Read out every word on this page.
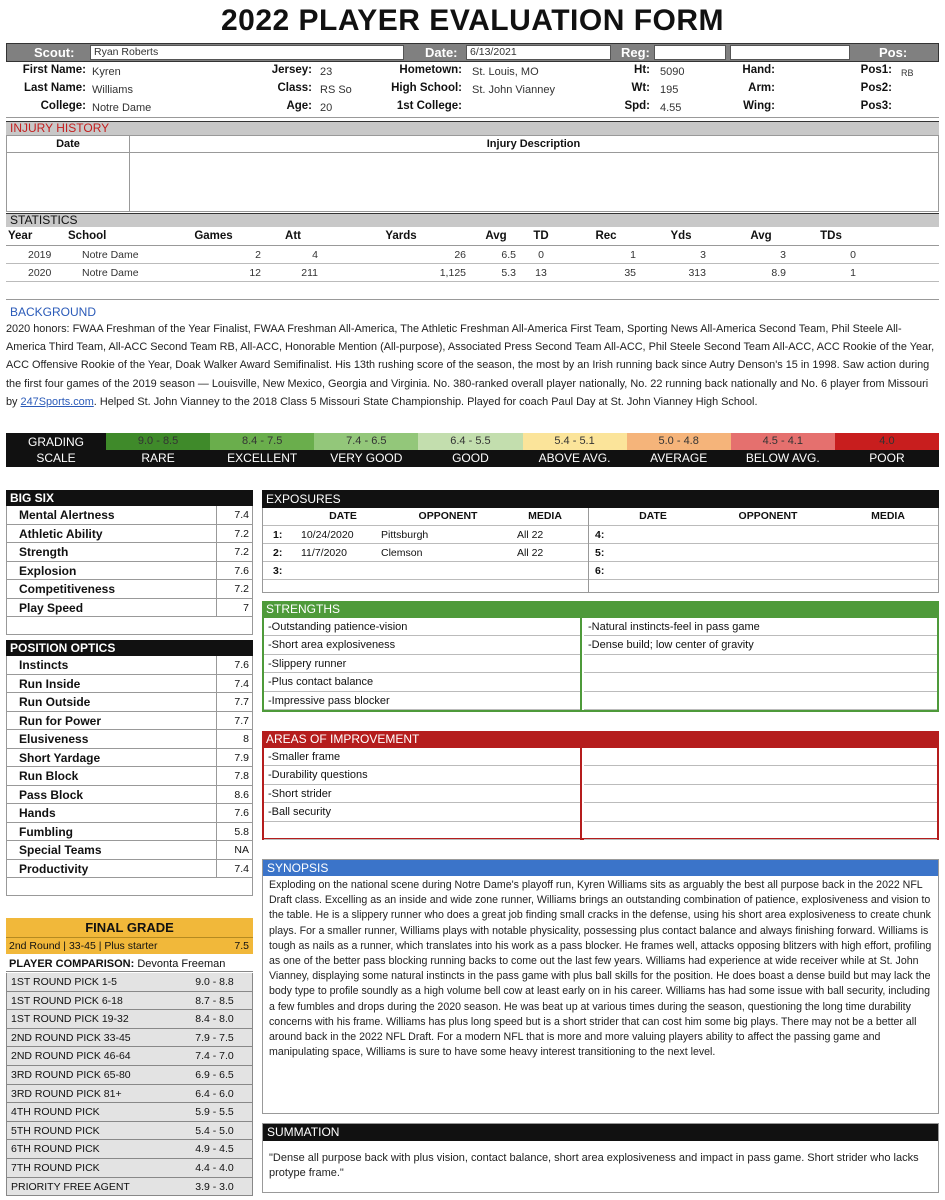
2022 PLAYER EVALUATION FORM
Scout:	Ryan Roberts	Date:	6/13/2021	Reg:	Pos:
First Name: Kyren
Last Name: Williams
College: Notre Dame
Jersey: 23
Class: RS So
Age: 20
Hometown: St. Louis, MO
High School: St. John Vianney
1st College:
Ht: 5090
Wt: 195
Spd: 4.55
Hand:
Arm:
Wing:
Pos1: RB
Pos2:
Pos3:
INJURY HISTORY
Date	Injury Description
STATISTICS
Year	School	Games	Att	Yards	Avg	TD	Rec	Yds	Avg	TDs
2019	Notre Dame	2	4	26	6.5	0	1	3	3	0
2020	Notre Dame	12	211	1,125	5.3	13	35	313	8.9	1
BACKGROUND
2020 honors: FWAA Freshman of the Year Finalist, FWAA Freshman All-America, The Athletic Freshman All-America First Team, Sporting News All-America Second Team, Phil Steele All-America Third Team, All-ACC Second Team RB, All-ACC, Honorable Mention (All-purpose), Associated Press Second Team All-ACC, Phil Steele Second Team All-ACC, ACC Rookie of the Year, ACC Offensive Rookie of the Year, Doak Walker Award Semifinalist. His 13th rushing score of the season, the most by an Irish running back since Autry Denson's 15 in 1998. Saw action during the first four games of the 2019 season — Louisville, New Mexico, Georgia and Virginia. No. 380-ranked overall player nationally, No. 22 running back nationally and No. 6 player from Missouri by 247Sports.com. Helped St. John Vianney to the 2018 Class 5 Missouri State Championship. Played for coach Paul Day at St. John Vianney High School.
GRADING
SCALE
9.0 - 8.5
RARE
8.4 - 7.5
EXCELLENT
7.4 - 6.5
VERY GOOD
6.4 - 5.5
GOOD
5.4 - 5.1
ABOVE AVG.
5.0 - 4.8
AVERAGE
4.5 - 4.1
BELOW AVG.
4.0
POOR
BIG SIX
Mental Alertness	7.4
Athletic Ability	7.2
Strength	7.2
Explosion	7.6
Competitiveness	7.2
Play Speed	7
POSITION OPTICS
Instincts	7.6
Run Inside	7.4
Run Outside	7.7
Run for Power	7.7
Elusiveness	8
Short Yardage	7.9
Run Block	7.8
Pass Block	8.6
Hands	7.6
Fumbling	5.8
Special Teams	NA
Productivity	7.4
FINAL GRADE
2nd Round | 33-45 | Plus starter	7.5
PLAYER COMPARISON: Devonta Freeman
1ST ROUND PICK 1-5	9.0 - 8.8
1ST ROUND PICK 6-18	8.7 - 8.5
1ST ROUND PICK 19-32	8.4 - 8.0
2ND ROUND PICK 33-45	7.9 - 7.5
2ND ROUND PICK 46-64	7.4 - 7.0
3RD ROUND PICK 65-80	6.9 - 6.5
3RD ROUND PICK 81+	6.4 - 6.0
4TH ROUND PICK	5.9 - 5.5
5TH ROUND PICK	5.4 - 5.0
6TH ROUND PICK	4.9 - 4.5
7TH ROUND PICK	4.4 - 4.0
PRIORITY FREE AGENT	3.9 - 3.0
EXPOSURES
DATE	OPPONENT	MEDIA	DATE	OPPONENT	MEDIA
1: 10/24/2020	Pittsburgh	All 22
2: 11/7/2020	Clemson	All 22
3:
4:
5:
6:
STRENGTHS
-Outstanding patience-vision
-Short area explosiveness
-Slippery runner
-Plus contact balance
-Impressive pass blocker
-Natural instincts-feel in pass game
-Dense build; low center of gravity
AREAS OF IMPROVEMENT
-Smaller frame
-Durability questions
-Short strider
-Ball security
SYNOPSIS
Exploding on the national scene during Notre Dame's playoff run, Kyren Williams sits as arguably the best all purpose back in the 2022 NFL Draft class. Excelling as an inside and wide zone runner, Williams brings an outstanding combination of patience, explosiveness and vision to the table. He is a slippery runner who does a great job finding small cracks in the defense, using his short area explosiveness to create chunk plays. For a smaller runner, Williams plays with notable physicality, possessing plus contact balance and always finishing forward. Williams is tough as nails as a runner, which translates into his work as a pass blocker. He frames well, attacks opposing blitzers with high effort, profiling as one of the better pass blocking running backs to come out the last few years. Williams had experience at wide receiver while at St. John Vianney, displaying some natural instincts in the pass game with plus ball skills for the position. He does boast a dense build but may lack the body type to profile soundly as a high volume bell cow at least early on in his career. Williams has had some issue with ball security, including a few fumbles and drops during the 2020 season. He was beat up at various times during the season, questioning the long time durability concerns with his frame. Williams has plus long speed but is a short strider that can cost him some big plays. There may not be a better all around back in the 2022 NFL Draft. For a modern NFL that is more and more valuing players ability to affect the passing game and manipulating space, Williams is sure to have some heavy interest transitioning to the next level.
SUMMATION
"Dense all purpose back with plus vision, contact balance, short area explosiveness and impact in pass game. Short strider who lacks protype frame."
